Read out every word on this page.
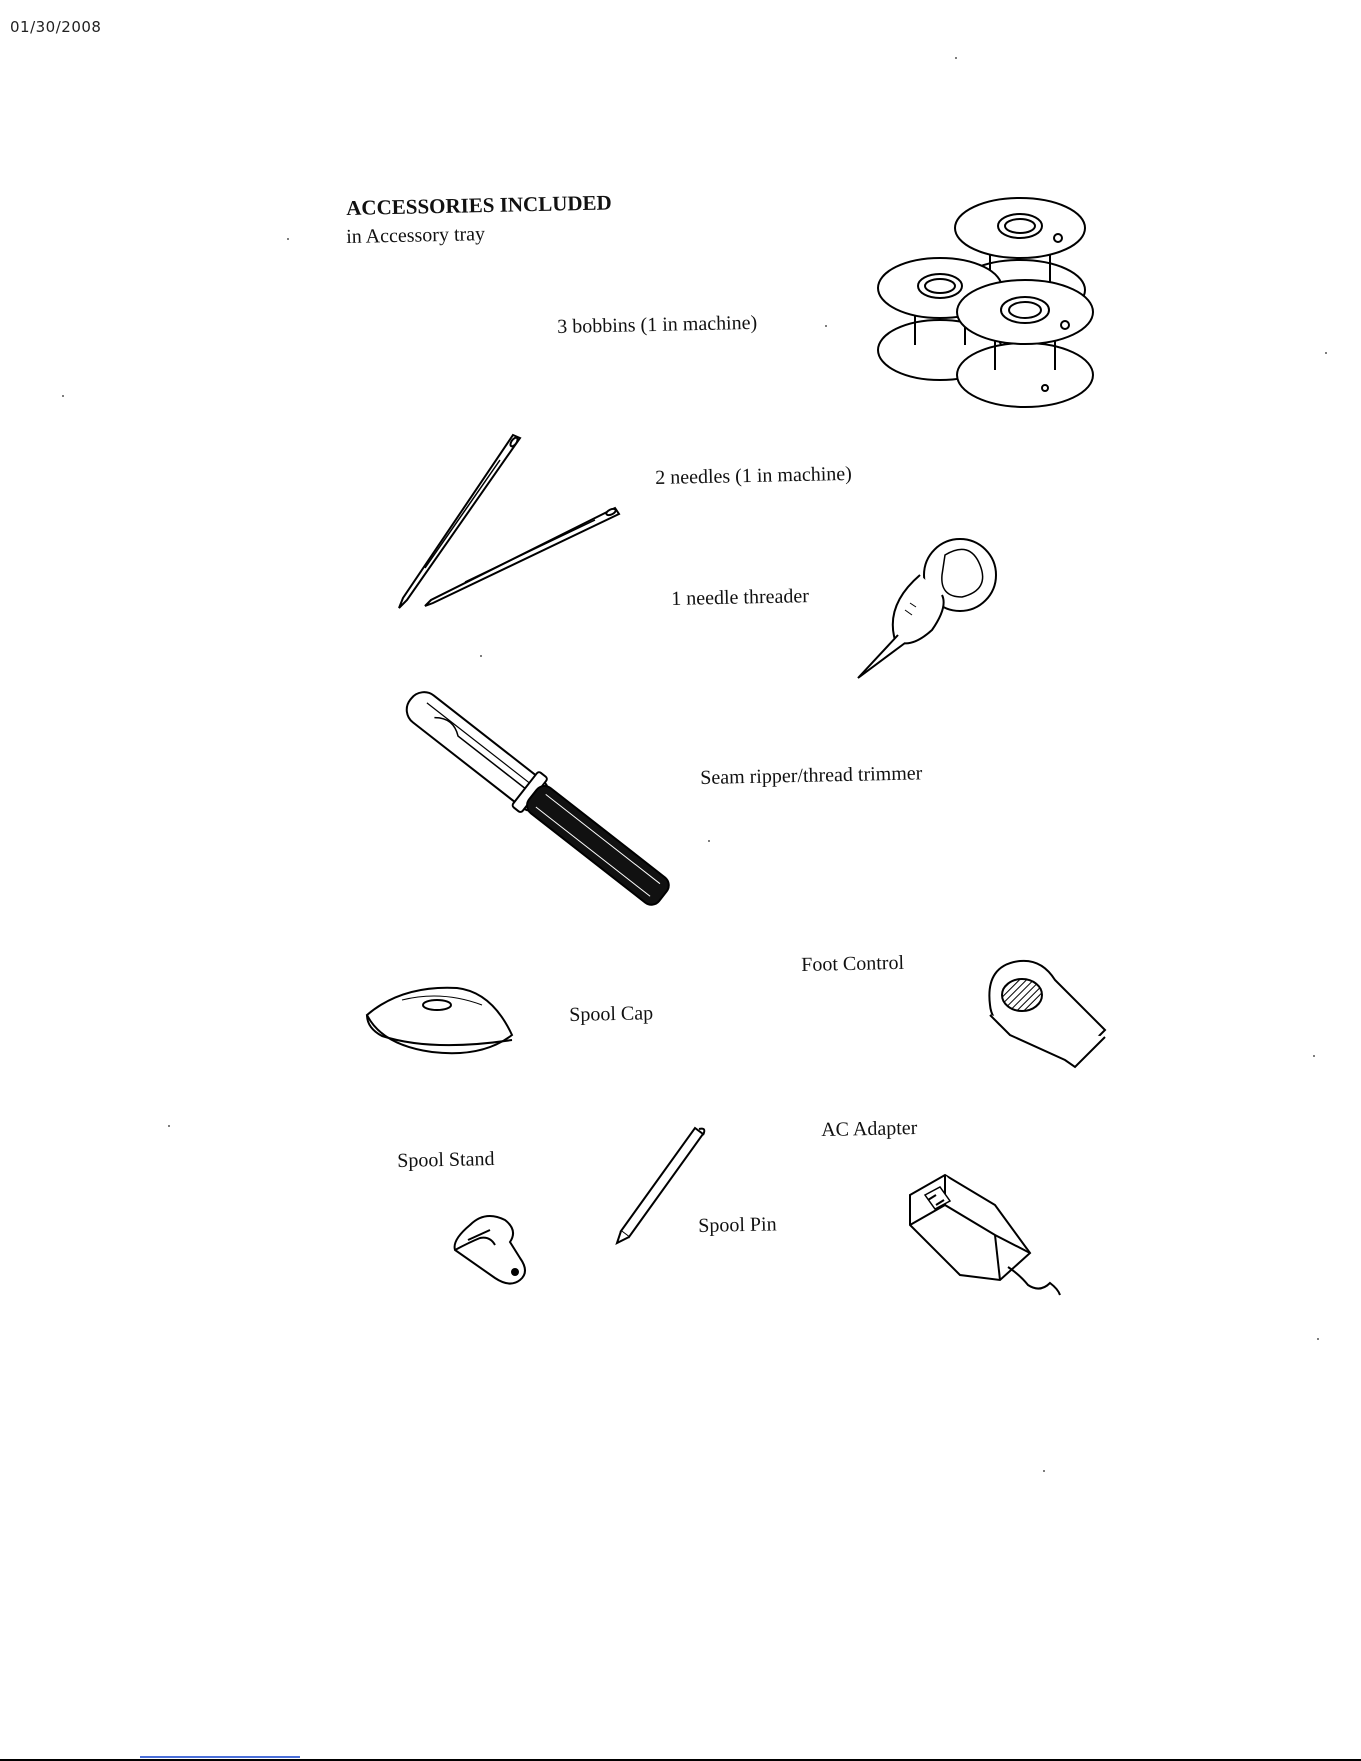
01/30/2008
ACCESSORIES INCLUDED
in Accessory tray
3 bobbins (1 in machine)
2 needles (1 in machine)
1 needle threader
Seam ripper/thread trimmer
Foot Control
Spool Cap
Spool Pin
AC Adapter
Spool Stand
